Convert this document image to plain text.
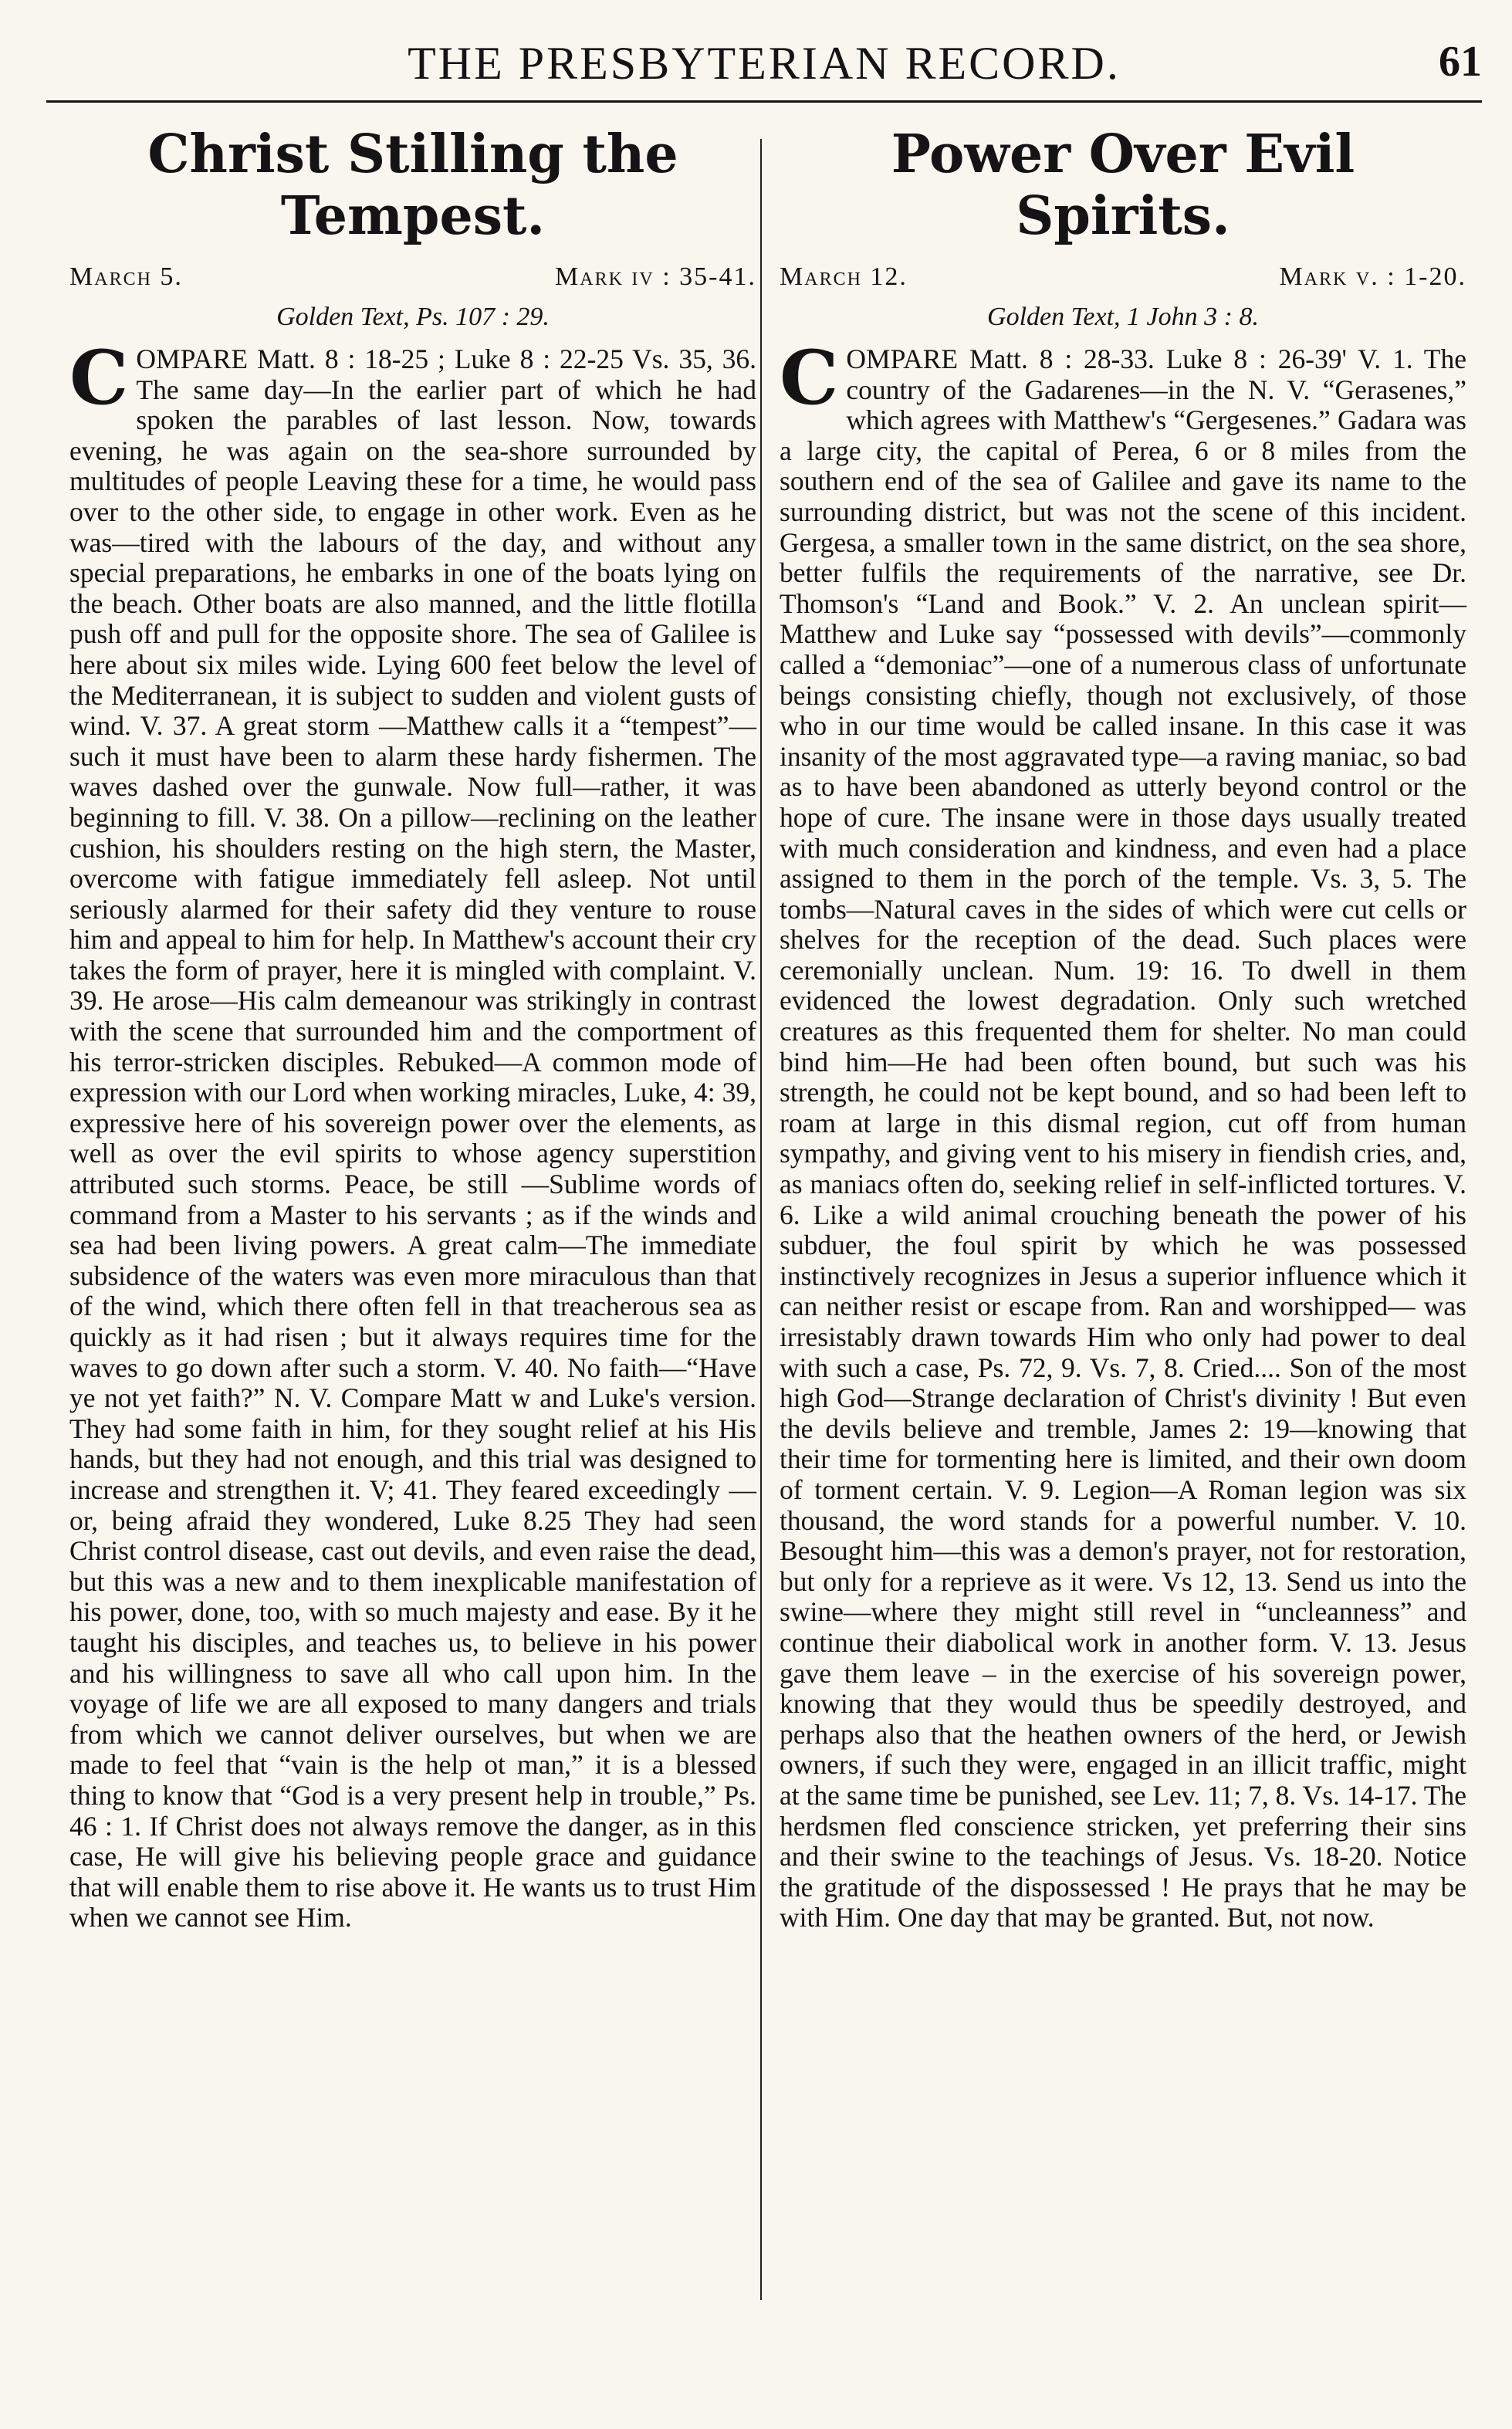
THE PRESBYTERIAN RECORD.	61
Christ Stilling the Tempest.
March 5.	Mark iv : 35-41.
Golden Text, Ps. 107 : 29.

COMPARE Matt. 8 : 18-25 ; Luke 8 : 22-25 Vs. 35, 36. The same day—In the earlier part of which he had spoken the parables of last lesson. Now, towards evening, he was again on the sea-shore surrounded by multitudes of people Leaving these for a time, he would pass over to the other side, to engage in other work. Even as he was—tired with the labours of the day, and without any special preparations, he embarks in one of the boats lying on the beach. Other boats are also manned, and the little flotilla push off and pull for the opposite shore. The sea of Galilee is here about six miles wide. Lying 600 feet below the level of the Mediterranean, it is subject to sudden and violent gusts of wind. V. 37. A great storm —Matthew calls it a “tempest”—such it must have been to alarm these hardy fishermen. The waves dashed over the gunwale. Now full—rather, it was beginning to fill. V. 38. On a pillow—reclining on the leather cushion, his shoulders resting on the high stern, the Master, overcome with fatigue immediately fell asleep. Not until seriously alarmed for their safety did they venture to rouse him and appeal to him for help. In Matthew's account their cry takes the form of prayer, here it is mingled with complaint. V. 39. He arose—His calm demeanour was strikingly in contrast with the scene that surrounded him and the comportment of his terror-stricken disciples. Rebuked—A common mode of expression with our Lord when working miracles, Luke, 4: 39, expressive here of his sovereign power over the elements, as well as over the evil spirits to whose agency superstition attributed such storms. Peace, be still —Sublime words of command from a Master to his servants ; as if the winds and sea had been living powers. A great calm—The immediate subsidence of the waters was even more miraculous than that of the wind, which there often fell in that treacherous sea as quickly as it had risen ; but it always requires time for the waves to go down after such a storm. V. 40. No faith—“Have ye not yet faith?” N. V. Compare Matt w and Luke's version. They had some faith in him, for they sought relief at his His hands, but they had not enough, and this trial was designed to increase and strengthen it. V; 41. They feared exceedingly —or, being afraid they wondered, Luke 8.25 They had seen Christ control disease, cast out devils, and even raise the dead, but this was a new and to them inexplicable manifestation of his power, done, too, with so much majesty and ease. By it he taught his disciples, and teaches us, to believe in his power and his willingness to save all who call upon him. In the voyage of life we are all exposed to many dangers and trials from which we cannot deliver ourselves, but when we are made to feel that “vain is the help ot man,” it is a blessed thing to know that “God is a very present help in trouble,” Ps. 46 : 1. If Christ does not always remove the danger, as in this case, He will give his believing people grace and guidance that will enable them to rise above it. He wants us to trust Him when we cannot see Him.

Power Over Evil Spirits.
March 12.	Mark v. : 1-20.
Golden Text, 1 John 3 : 8.

COMPARE Matt. 8 : 28-33. Luke 8 : 26-39' V. 1. The country of the Gadarenes—in the N. V. “Gerasenes,” which agrees with Matthew's “Gergesenes.” Gadara was a large city, the capital of Perea, 6 or 8 miles from the southern end of the sea of Galilee and gave its name to the surrounding district, but was not the scene of this incident. Gergesa, a smaller town in the same district, on the sea shore, better fulfils the requirements of the narrative, see Dr. Thomson's “Land and Book.” V. 2. An unclean spirit—Matthew and Luke say “possessed with devils”—commonly called a “demoniac”—one of a numerous class of unfortunate beings consisting chiefly, though not exclusively, of those who in our time would be called insane. In this case it was insanity of the most aggravated type—a raving maniac, so bad as to have been abandoned as utterly beyond control or the hope of cure. The insane were in those days usually treated with much consideration and kindness, and even had a place assigned to them in the porch of the temple. Vs. 3, 5. The tombs—Natural caves in the sides of which were cut cells or shelves for the reception of the dead. Such places were ceremonially unclean. Num. 19: 16. To dwell in them evidenced the lowest degradation. Only such wretched creatures as this frequented them for shelter. No man could bind him—He had been often bound, but such was his strength, he could not be kept bound, and so had been left to roam at large in this dismal region, cut off from human sympathy, and giving vent to his misery in fiendish cries, and, as maniacs often do, seeking relief in self-inflicted tortures. V. 6. Like a wild animal crouching beneath the power of his subduer, the foul spirit by which he was possessed instinctively recognizes in Jesus a superior influence which it can neither resist or escape from. Ran and worshipped— was irresistably drawn towards Him who only had power to deal with such a case, Ps. 72, 9. Vs. 7, 8. Cried.... Son of the most high God—Strange declaration of Christ's divinity ! But even the devils believe and tremble, James 2: 19—knowing that their time for tormenting here is limited, and their own doom of torment certain. V. 9. Legion—A Roman legion was six thousand, the word stands for a powerful number. V. 10. Besought him—this was a demon's prayer, not for restoration, but only for a reprieve as it were. Vs 12, 13. Send us into the swine—where they might still revel in “uncleanness” and continue their diabolical work in another form. V. 13. Jesus gave them leave – in the exercise of his sovereign power, knowing that they would thus be speedily destroyed, and perhaps also that the heathen owners of the herd, or Jewish owners, if such they were, engaged in an illicit traffic, might at the same time be punished, see Lev. 11; 7, 8. Vs. 14-17. The herdsmen fled conscience stricken, yet preferring their sins and their swine to the teachings of Jesus. Vs. 18-20. Notice the gratitude of the dispossessed ! He prays that he may be with Him. One day that may be granted. But, not now.
